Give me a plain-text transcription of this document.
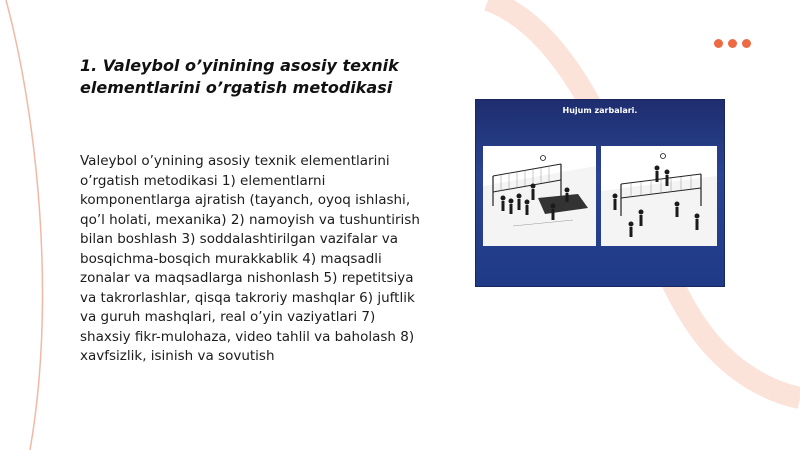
1. Valeybol o’yinining asosiy texnik elementlarini o’rgatish metodikasi

Valeybol o’ynining asosiy texnik elementlarini o’rgatish metodikasi 1) elementlarni komponentlarga ajratish (tayanch, oyoq ishlashi, qo’l holati, mexanika) 2) namoyish va tushuntirish bilan boshlash 3) soddalashtirilgan vazifalar va bosqichma-bosqich murakkablik 4) maqsadli zonalar va maqsadlarga nishonlash 5) repetitsiya va takrorlashlar, qisqa takroriy mashqlar 6) juftlik va guruh mashqlari, real o’yin vaziyatlari 7) shaxsiy fikr-mulohaza, video tahlil va baholash 8) xavfsizlik, isinish va sovutish

Hujum zarbalari.
